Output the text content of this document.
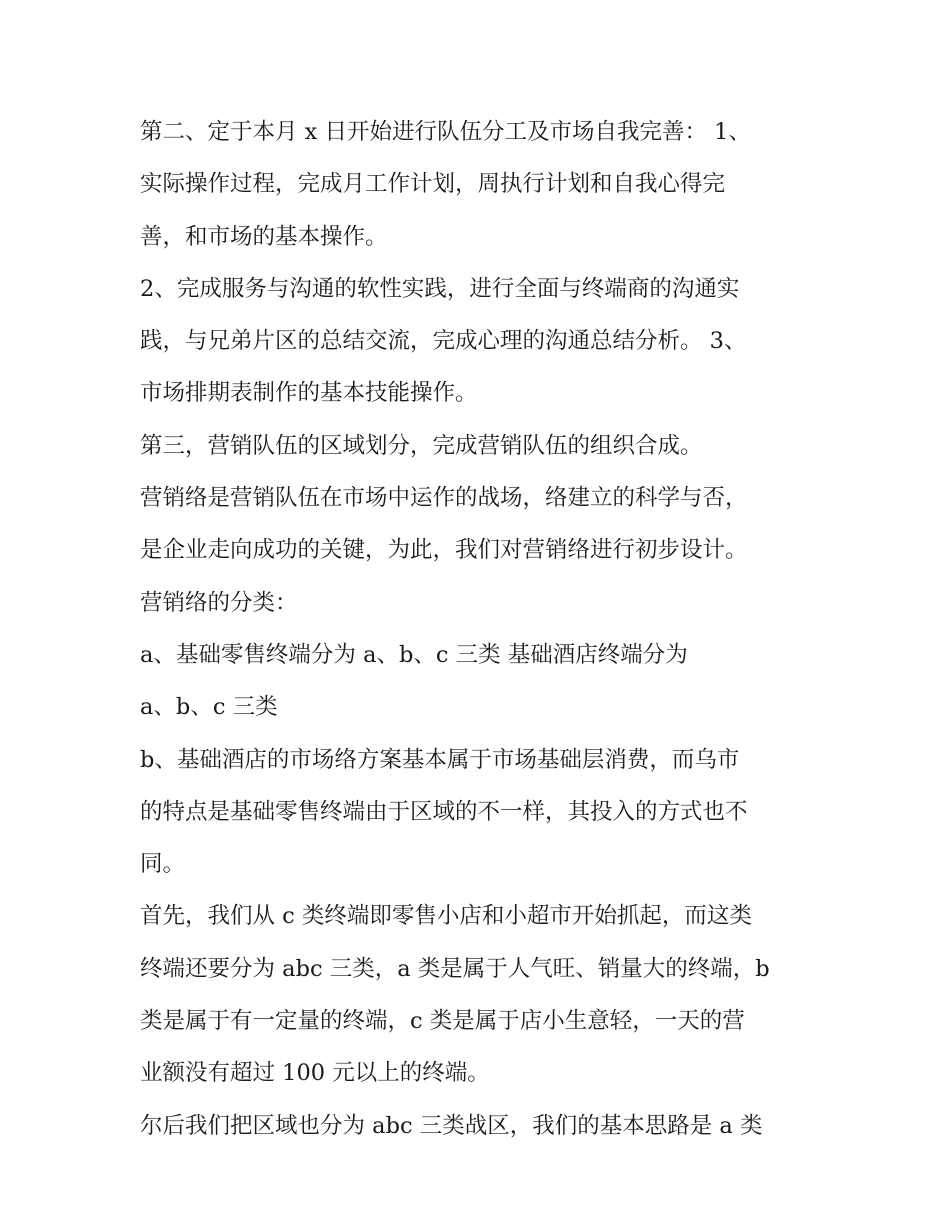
第二、定于本月 x 日开始进行队伍分工及市场自我完善： 1、
实际操作过程，完成月工作计划，周执行计划和自我心得完
善，和市场的基本操作。
2、完成服务与沟通的软性实践，进行全面与终端商的沟通实
践，与兄弟片区的总结交流，完成心理的沟通总结分析。 3、
市场排期表制作的基本技能操作。
第三，营销队伍的区域划分，完成营销队伍的组织合成。
营销络是营销队伍在市场中运作的战场，络建立的科学与否，
是企业走向成功的关键，为此，我们对营销络进行初步设计。
营销络的分类：
a、基础零售终端分为 a、b、c 三类 基础酒店终端分为
a、b、c 三类
b、基础酒店的市场络方案基本属于市场基础层消费，而乌市
的特点是基础零售终端由于区域的不一样，其投入的方式也不
同。
首先，我们从 c 类终端即零售小店和小超市开始抓起，而这类
终端还要分为 abc 三类，a 类是属于人气旺、销量大的终端，b
类是属于有一定量的终端，c 类是属于店小生意轻，一天的营
业额没有超过 100 元以上的终端。
尔后我们把区域也分为 abc 三类战区，我们的基本思路是 a 类
